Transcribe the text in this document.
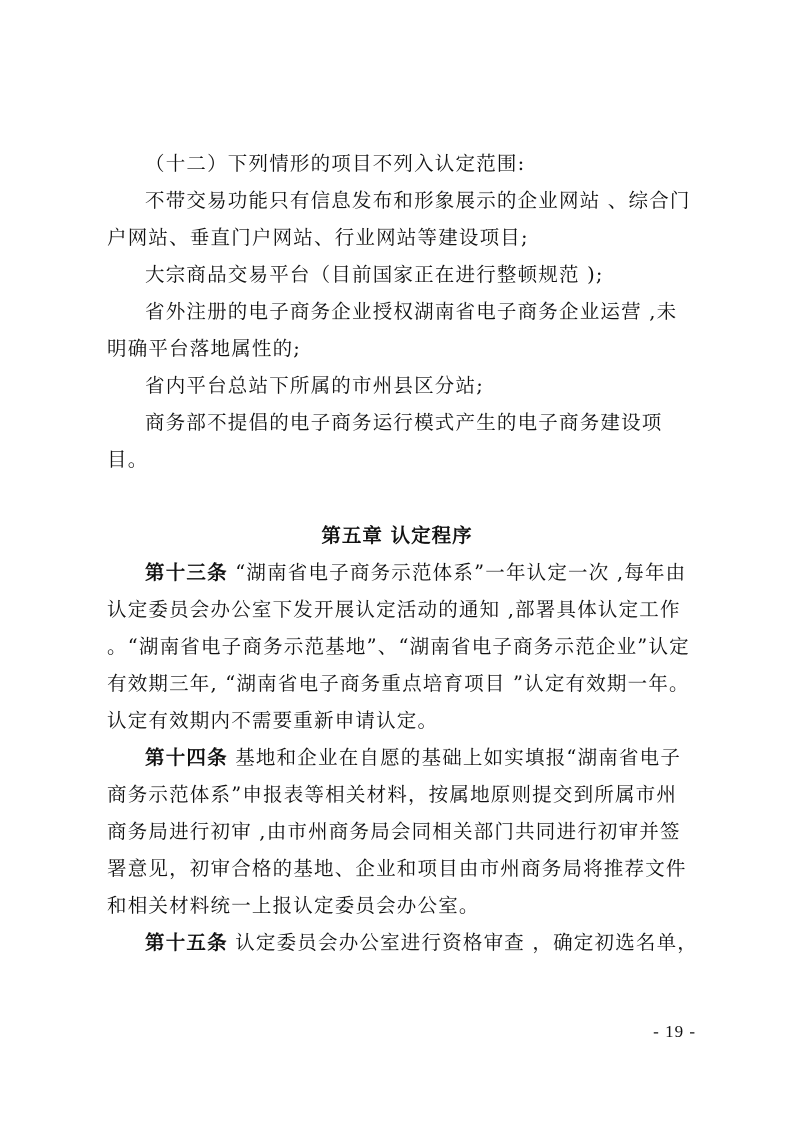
（十二）下列情形的项目不列入认定范围:
不带交易功能只有信息发布和形象展示的企业网站 、综合门
户网站、垂直门户网站、行业网站等建设项目;
大宗商品交易平台（目前国家正在进行整顿规范 );
省外注册的电子商务企业授权湖南省电子商务企业运营 ,未
明确平台落地属性的;
省内平台总站下所属的市州县区分站;
商务部不提倡的电子商务运行模式产生的电子商务建设项
目。
第五章 认定程序
第十三条 “湖南省电子商务示范体系”一年认定一次 ,每年由
认定委员会办公室下发开展认定活动的通知 ,部署具体认定工作
。“湖南省电子商务示范基地”、“湖南省电子商务示范企业”认定
有效期三年, “湖南省电子商务重点培育项目 ”认定有效期一年。
认定有效期内不需要重新申请认定。
第十四条 基地和企业在自愿的基础上如实填报“湖南省电子
商务示范体系”申报表等相关材料，按属地原则提交到所属市州
商务局进行初审 ,由市州商务局会同相关部门共同进行初审并签
署意见，初审合格的基地、企业和项目由市州商务局将推荐文件
和相关材料统一上报认定委员会办公室。
第十五条 认定委员会办公室进行资格审查 ，确定初选名单，
- 19 -
